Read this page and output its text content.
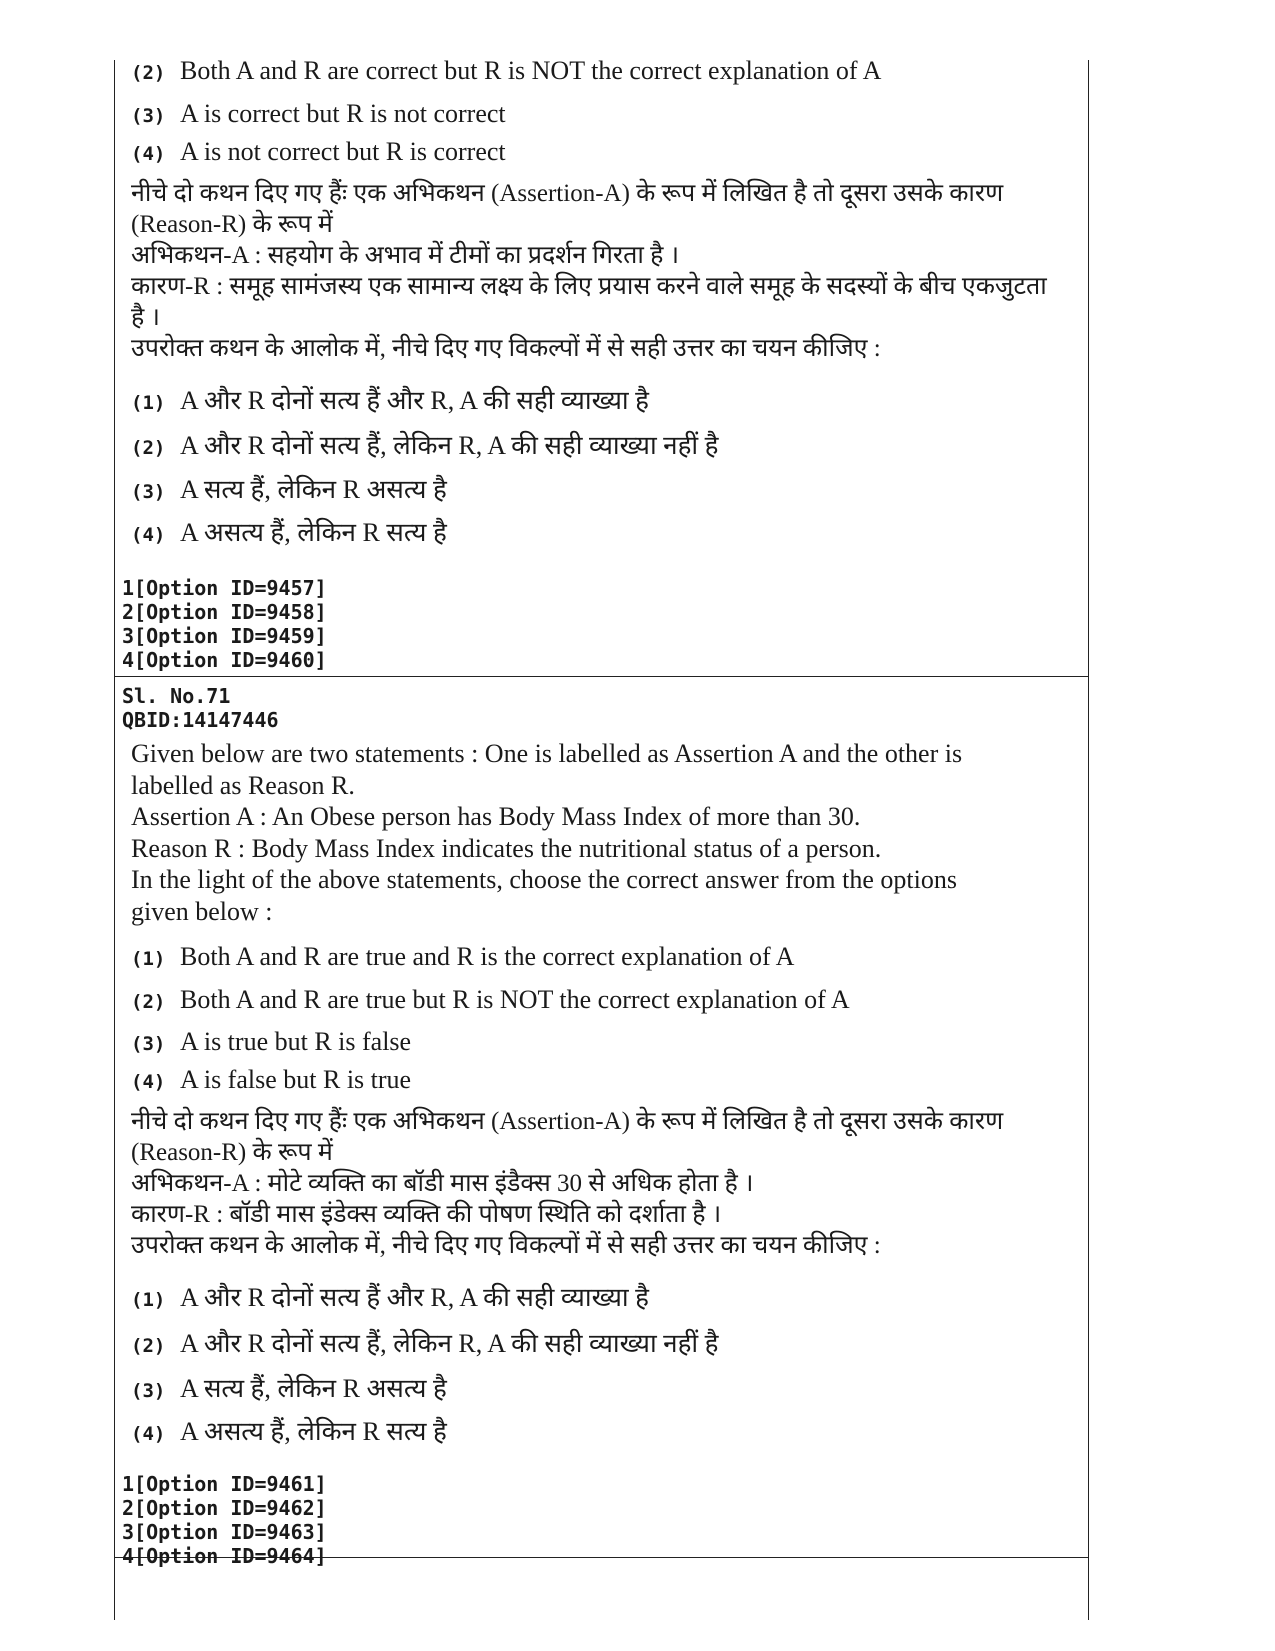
(2) Both A and R are correct but R is NOT the correct explanation of A
(3) A is correct but R is not correct
(4) A is not correct but R is correct
नीचे दो कथन दिए गए हैंः एक अभिकथन (Assertion-A) के रूप में लिखित है तो दूसरा उसके कारण
(Reason-R) के रूप में
अभिकथन-A : सहयोग के अभाव में टीमों का प्रदर्शन गिरता है ।
कारण-R : समूह सामंजस्य एक सामान्य लक्ष्य के लिए प्रयास करने वाले समूह के सदस्यों के बीच एकजुटता
है ।
उपरोक्त कथन के आलोक में, नीचे दिए गए विकल्पों में से सही उत्तर का चयन कीजिए :
(1) A और R दोनों सत्य हैं और R, A की सही व्याख्या है
(2) A और R दोनों सत्य हैं, लेकिन R, A की सही व्याख्या नहीं है
(3) A सत्य हैं, लेकिन R असत्य है
(4) A असत्य हैं, लेकिन R सत्य है
1[Option ID=9457]
2[Option ID=9458]
3[Option ID=9459]
4[Option ID=9460]
Sl. No.71
QBID:14147446
Given below are two statements : One is labelled as Assertion A and the other is
labelled as Reason R.
Assertion A : An Obese person has Body Mass Index of more than 30.
Reason R : Body Mass Index indicates the nutritional status of a person.
In the light of the above statements, choose the correct answer from the options
given below :
(1) Both A and R are true and R is the correct explanation of A
(2) Both A and R are true but R is NOT the correct explanation of A
(3) A is true but R is false
(4) A is false but R is true
नीचे दो कथन दिए गए हैंः एक अभिकथन (Assertion-A) के रूप में लिखित है तो दूसरा उसके कारण
(Reason-R) के रूप में
अभिकथन-A : मोटे व्यक्ति का बॉडी मास इंडैक्स 30 से अधिक होता है ।
कारण-R : बॉडी मास इंडेक्स व्यक्ति की पोषण स्थिति को दर्शाता है ।
उपरोक्त कथन के आलोक में, नीचे दिए गए विकल्पों में से सही उत्तर का चयन कीजिए :
(1) A और R दोनों सत्य हैं और R, A की सही व्याख्या है
(2) A और R दोनों सत्य हैं, लेकिन R, A की सही व्याख्या नहीं है
(3) A सत्य हैं, लेकिन R असत्य है
(4) A असत्य हैं, लेकिन R सत्य है
1[Option ID=9461]
2[Option ID=9462]
3[Option ID=9463]
4[Option ID=9464]
